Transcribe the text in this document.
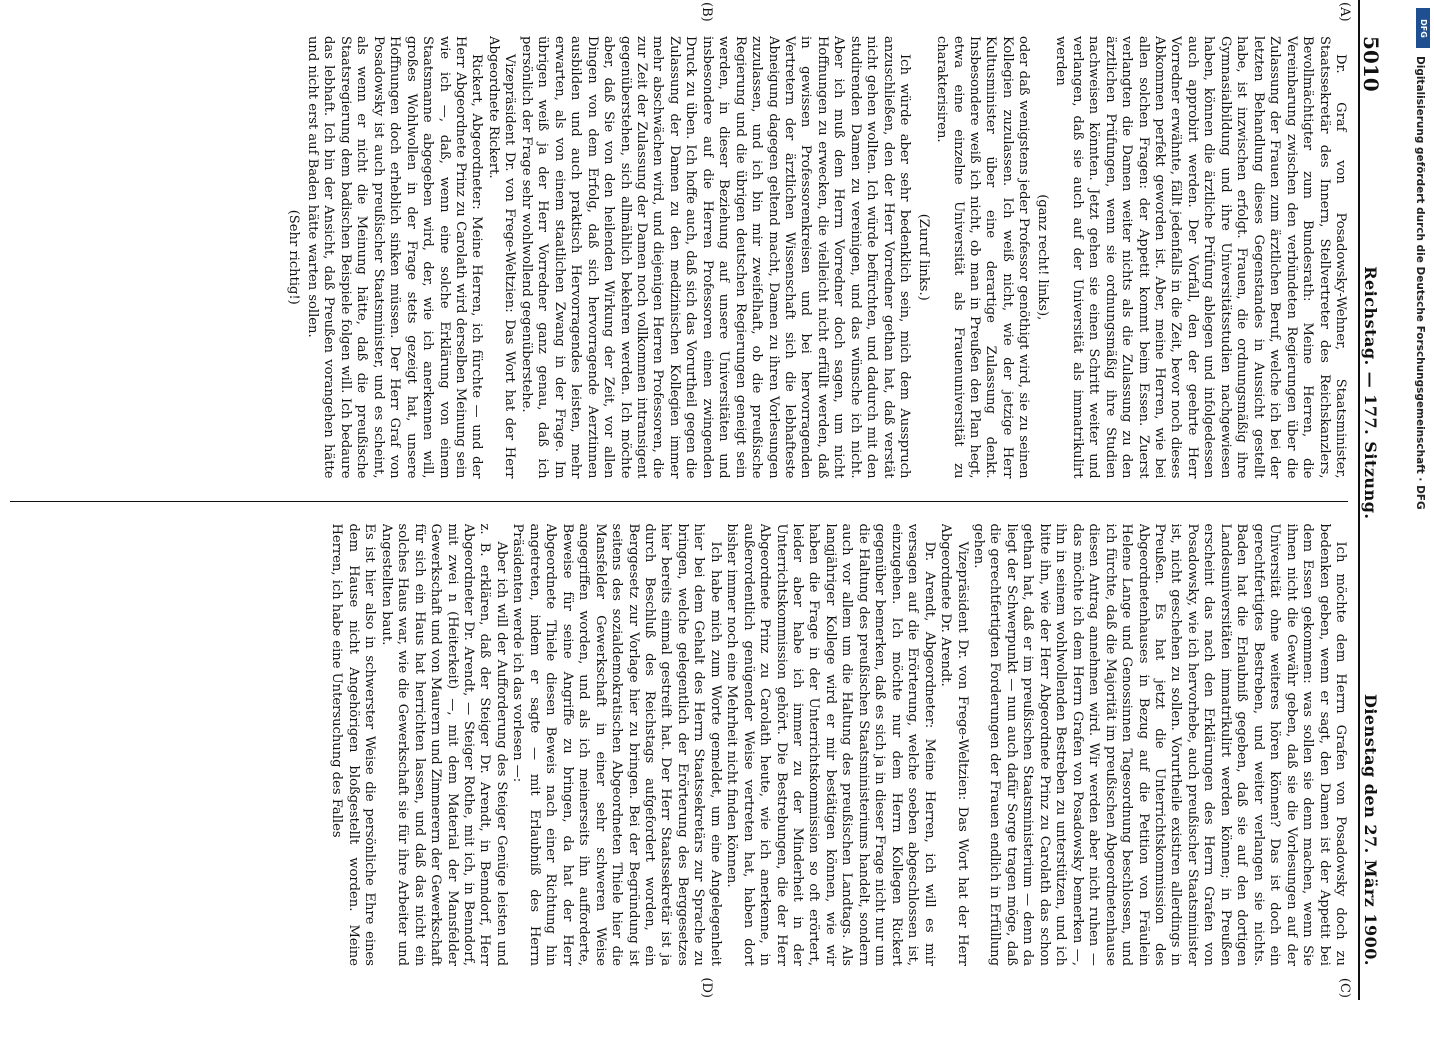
5010
Reichstag. — 177. Sitzung.
Dienstag den 27. März 1900.

Dr. Graf von Posadowsky-Wehner, Staatsminister, Staatssekretär des Innern, Stellvertreter des Reichskanzlers, Bevollmächtigter zum Bundesrath: Meine Herren, die Vereinbarung zwischen den verbündeten Regierungen über die Zulassung der Frauen zum ärztlichen Beruf, welche ich bei der letzten Behandlung dieses Gegenstandes in Aussicht gestellt habe, ist inzwischen erfolgt. Frauen, die ordnungsmäßig ihre Gymnasialbildung und ihre Universitätsstudien nachgewiesen haben, können die ärztliche Prüfung ablegen und infolgedessen auch approbirt werden. Der Vorfall, den der geehrte Herr Vorredner erwähnte, fällt jedenfalls in die Zeit, bevor noch dieses Abkommen perfekt geworden ist. Aber, meine Herren, wie bei allen solchen Fragen: der Appetit kommt beim Essen. Zuerst verlangten die Damen weiter nichts als die Zulassung zu den ärztlichen Prüfungen, wenn sie ordnungsmäßig ihre Studien nachweisen könnten. Jetzt gehen sie einen Schritt weiter und verlangen, daß sie auch auf der Universität als immatrikulirt werden

(ganz recht! links),

oder daß wenigstens jeder Professor genöthigt wird, sie zu seinen Kollegien zuzulassen. Ich weiß nicht, wie der jetzige Herr Kultusminister über eine derartige Zulassung denkt. Insbesondere weiß ich nicht, ob man in Preußen den Plan hegt, etwa eine einzelne Universität als Frauenuniversität zu charakterisiren.

(Zuruf links.)

Ich würde aber sehr bedenklich sein, mich dem Ausspruch anzuschließen, den der Herr Vorredner gethan hat, daß verstät nicht gehen wollten. Ich würde befürchten, und dadurch mit den studirenden Damen zu vereinigen, und das wünsche ich nicht. Aber ich muß dem Herrn Vorredner doch sagen, um nicht Hoffnungen zu erwecken, die vielleicht nicht erfüllt werden, daß in gewissen Professorenkreisen und bei hervorragenden Vertretern der ärztlichen Wissenschaft sich die lebhafteste Abneigung dagegen geltend macht, Damen zu ihren Vorlesungen zuzulassen, und ich bin mir zweifelhaft, ob die preußische Regierung und die übrigen deutschen Regierungen geneigt sein werden, in dieser Beziehung auf unsere Universitäten und insbesondere auf die Herren Professoren einen zwingenden Druck zu üben. Ich hoffe auch, daß sich das Vorurtheil gegen die Zulassung der Damen zu den medizinischen Kollegien immer mehr abschwächen wird, und diejenigen Herren Professoren, die zur Zeit der Zulassung der Damen noch vollkommen intransigent gegenüberstehen, sich allmählich bekehren werden. Ich möchte aber, daß Sie von den heilenden Wirkung der Zeit, vor allen Dingen von dem Erfolg, daß sich hervorragende Aerztinnen ausbilden und auch praktisch Hervorragendes leisten, mehr erwarten, als von einem staatlichen Zwang in der Frage. Im übrigen weiß ja der Herr Vorredner ganz genau, daß ich persönlich der Frage sehr wohlwollend gegenüberstehe.

Vizepräsident Dr. von Frege-Weltzien: Das Wort hat der Herr Abgeordnete Rickert.

Rickert, Abgeordneter: Meine Herren, ich fürchte — und der Herr Abgeordnete Prinz zu Carolath wird derselben Meinung sein wie ich —, daß, wenn eine solche Erklärung von einem Staatsmanne abgegeben wird, der, wie ich anerkennen will, großes Wohlwollen in der Frage stets gezeigt hat, unsere Hoffnungen doch erheblich sinken müssen. Der Herr Graf von Posadowsky ist auch preußischer Staatsminister, und es scheint, als wenn er nicht die Meinung hätte, daß die preußische Staatsregierung dem badischen Beispiele folgen will. Ich bedaure das lebhaft. Ich bin der Ansicht, daß Preußen vorangehen hätte und nicht erst auf Baden hätte warten sollen.

(Sehr richtig!)

Ich möchte dem Herrn Grafen von Posadowsky doch zu bedenken geben, wenn er sagt, den Damen ist der Appetit bei dem Essen gekommen: was sollen sie denn machen, wenn Sie ihnen nicht die Gewähr geben, daß sie die Vorlesungen auf der Universität ohne weiteres hören können? Das ist doch ein gerechtfertigtes Bestreben, und weiter verlangen sie nichts. Baden hat die Erlaubniß gegeben, daß sie auf den dortigen Landesuniversitäten immatrikulirt werden können; in Preußen erscheint das nach den Erklärungen des Herrn Grafen von Posadowsky, wie ich hervorhebe, auch preußischer Staatsminister ist, nicht geschehen zu sollen. Vorurtheile existiren allerdings in Preußen. Es hat jetzt die Unterrichtskommission des Abgeordnetenhauses in Bezug auf die Petition von Fräulein Helene Lange und Genossinnen Tagesordnung beschlossen, und ich fürchte, daß die Majorität im preußischen Abgeordnetenhause diesen Antrag annehmen wird. Wir werden aber nicht ruhen — das möchte ich dem Herrn Grafen von Posadowsky bemerken —, ihn in seinem wohlwollenden Bestreben zu unterstützen, und ich bitte ihn, wie der Herr Abgeordnete Prinz zu Carolath das schon gethan hat, daß er im preußischen Staatsministerium — denn da liegt der Schwerpunkt — nun auch dafür Sorge tragen möge, daß die gerechtfertigten Forderungen der Frauen endlich in Erfüllung gehen.

Vizepräsident Dr. von Frege-Weltzien: Das Wort hat der Herr Abgeordnete Dr. Arendt.

Dr. Arendt, Abgeordneter: Meine Herren, ich will es mir versagen auf die Erörterung, welche soeben abgeschlossen ist, einzugehen. Ich möchte nur dem Herrn Kollegen Rickert gegenüber bemerken, daß es sich ja in dieser Frage nicht nur um die Haltung des preußischen Staatsministeriums handelt, sondern auch vor allem um die Haltung des preußischen Landtags. Als langjähriger Kollege wird er mir bestätigen können, wie wir haben die Frage in der Unterrichtskommission so oft erörtert, leider aber habe ich immer zu der Minderheit in der Unterrichtskommission gehört. Die Bestrebungen, die der Herr Abgeordnete Prinz zu Carolath heute, wie ich anerkenne, in außerordentlich genügender Weise vertreten hat, haben dort bisher immer noch eine Mehrheit nicht finden können.

Ich habe mich zum Worte gemeldet, um eine Angelegenheit hier bei dem Gehalt des Herrn Staatssekretärs zur Sprache zu bringen, welche gelegentlich der Erörterung des Berggesetzes hier bereits einmal gestreift hat. Der Herr Staatssekretär ist ja durch Beschluß des Reichstags aufgefordert worden, ein Berggesetz zur Vorlage hier zu bringen. Bei der Begründung ist seitens des sozialdemokratischen Abgeordneten Thiele hier die Mansfelder Gewerkschaft in einer sehr schweren Weise angegriffen worden, und als ich meinerseits ihn aufforderte, Beweise für seine Angriffe zu bringen, da hat der Herr Abgeordnete Thiele diesen Beweis nach einer Richtung hin angetreten, indem er sagte — mit Erlaubniß des Herrn Präsidenten werde ich das vorlesen —:

Aber ich will der Aufforderung des Steiger Genüge leisten und z. B. erklären, daß der Steiger Dr. Arendt, in Benndorf, Herr Abgeordneter Dr. Arendt, — Steiger Rothe, mit ich, in Benndorf, mit zwei n (Heiterkeit) —, mit dem Material der Mansfelder Gewerkschaft und von Maurern und Zimmerern der Gewerkschaft für sich ein Haus hat herrichten lassen, und daß das nicht ein solches Haus war, wie die Gewerkschaft sie für ihre Arbeiter und Angestellten baut.

Es ist hier also in schwerster Weise die persönliche Ehre eines dem Hause nicht Angehörigen bloßgestellt worden. Meine Herren, ich habe eine Untersuchung des Falles

(A)
(B)
(C)
(D)
DFG
Digitalisierung gefördert durch die Deutsche Forschungsgemeinschaft · DFG
